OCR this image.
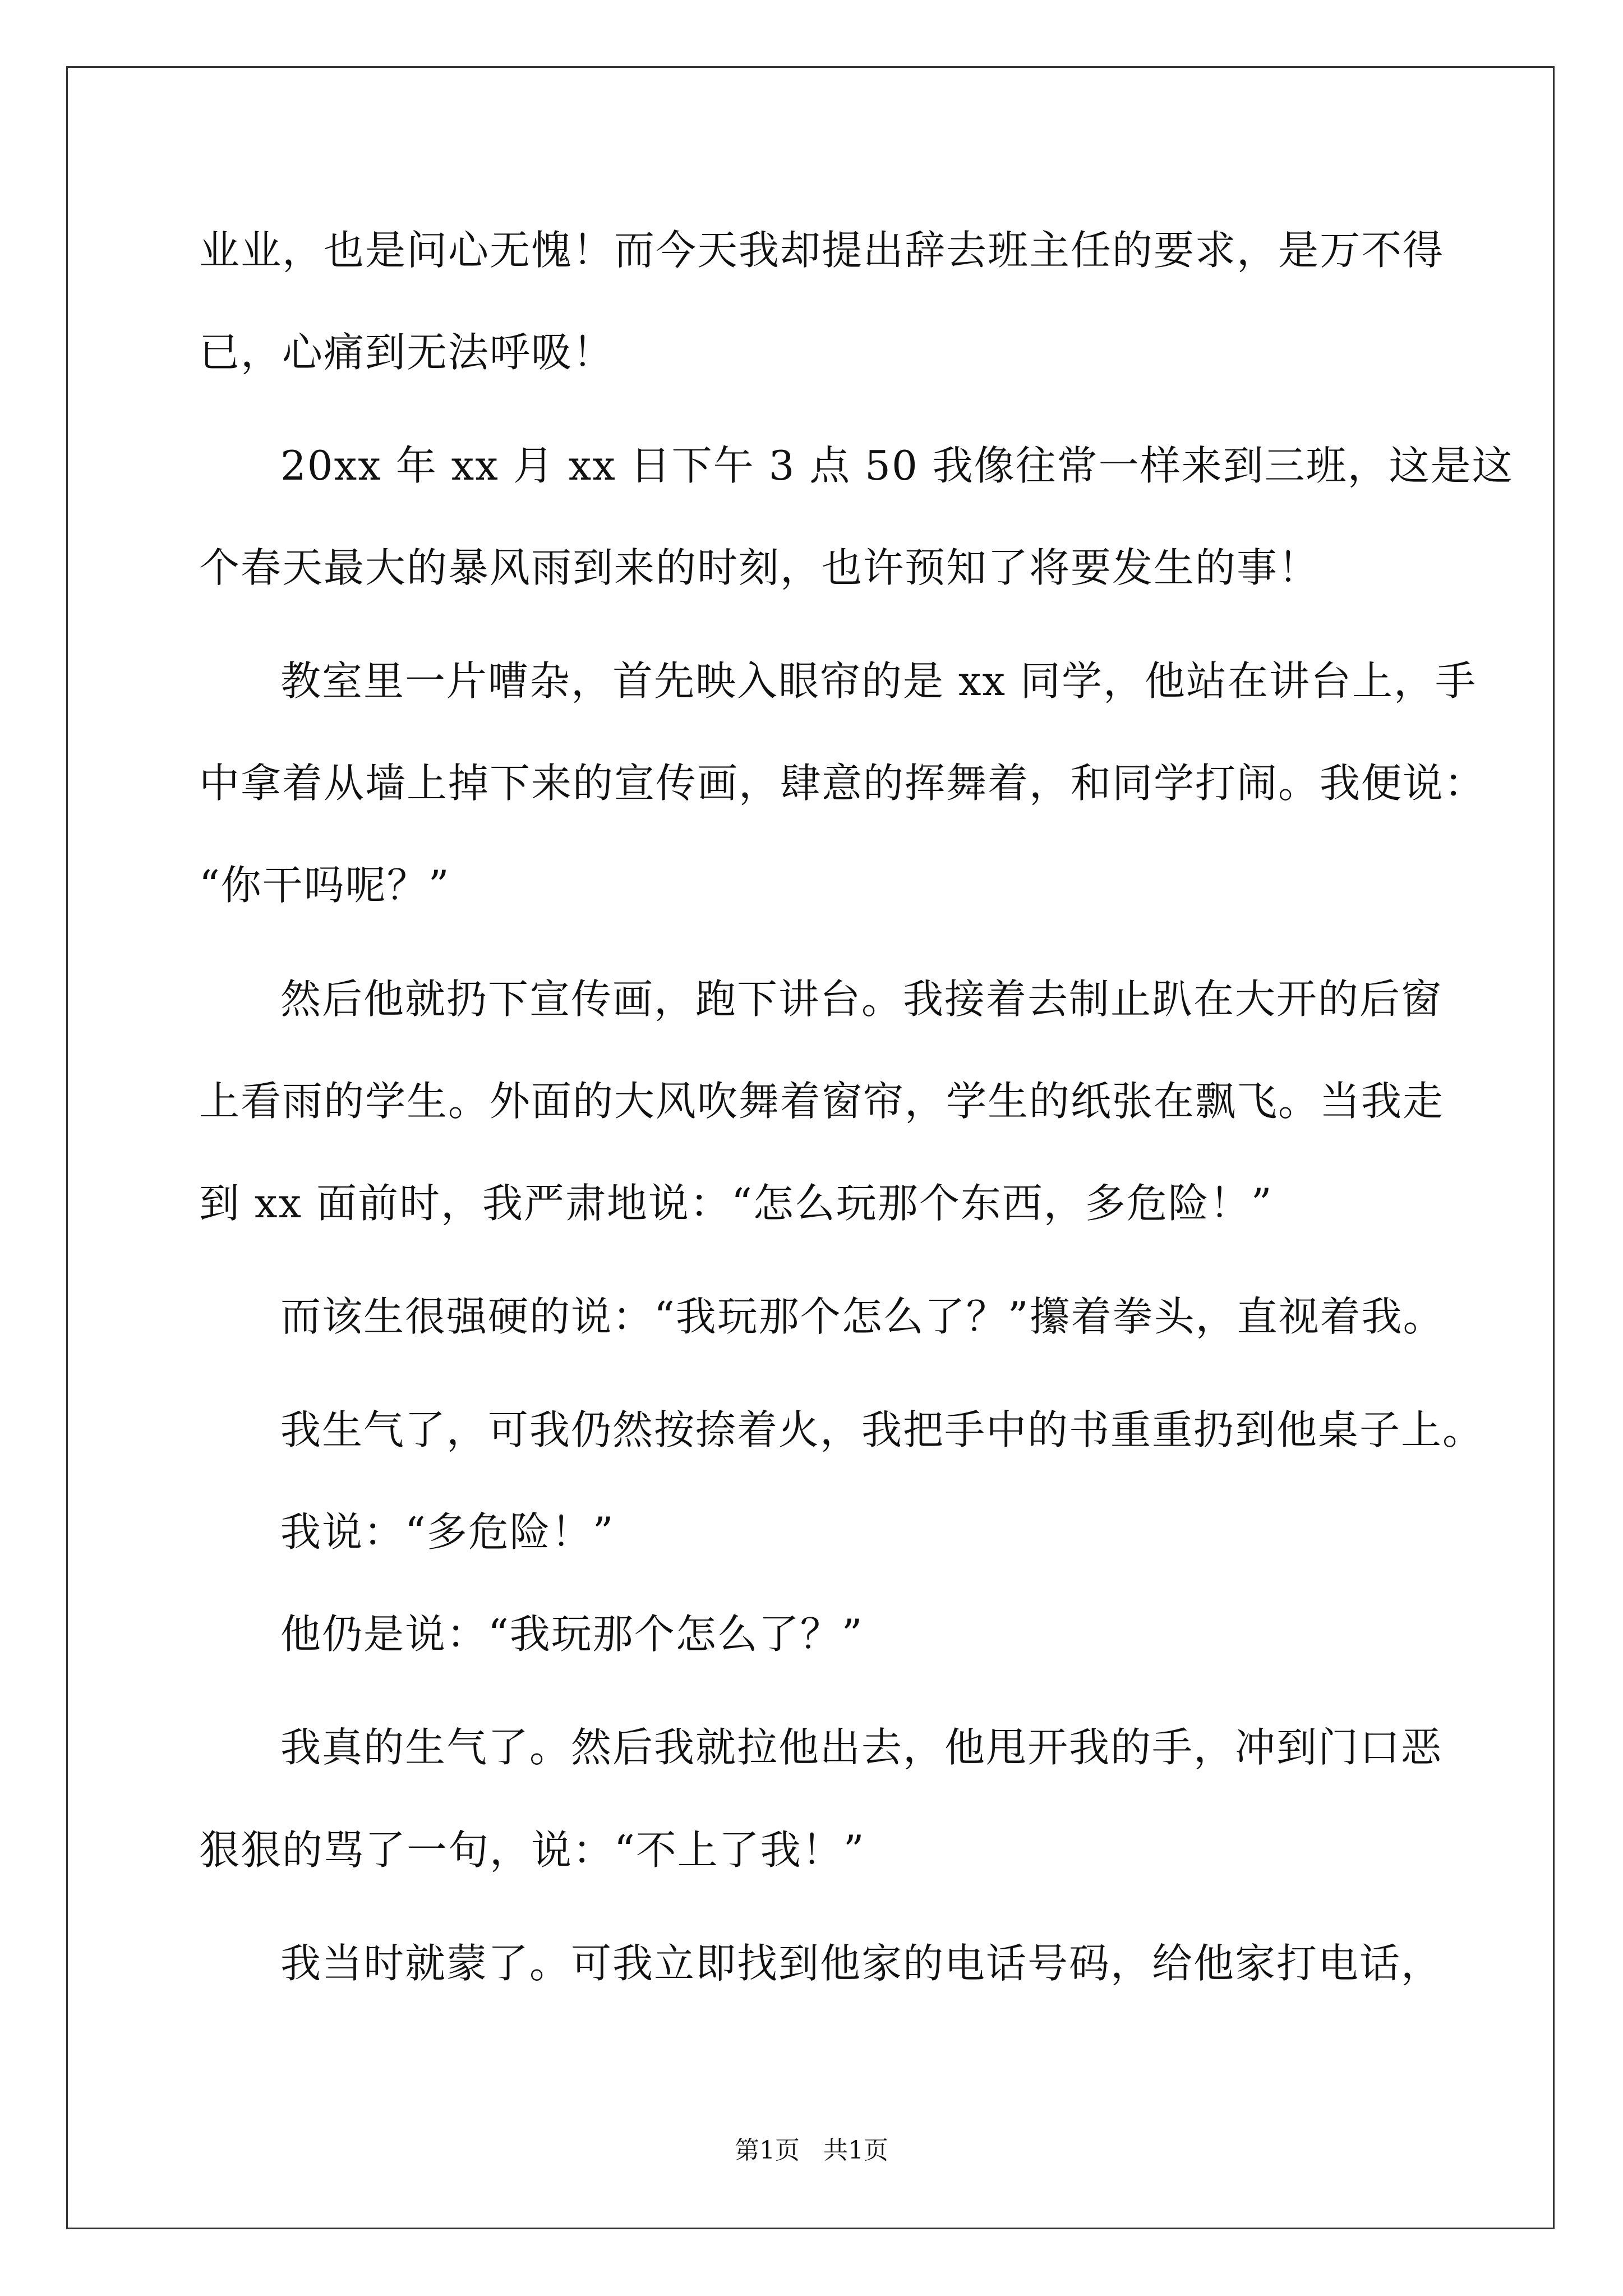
业业，也是问心无愧！而今天我却提出辞去班主任的要求，是万不得
已，心痛到无法呼吸！
20xx 年 xx 月 xx 日下午 3 点 50 我像往常一样来到三班，这是这
个春天最大的暴风雨到来的时刻，也许预知了将要发生的事！
教室里一片嘈杂，首先映入眼帘的是 xx 同学，他站在讲台上，手
中拿着从墙上掉下来的宣传画，肆意的挥舞着，和同学打闹。我便说：
“你干吗呢？”
然后他就扔下宣传画，跑下讲台。我接着去制止趴在大开的后窗
上看雨的学生。外面的大风吹舞着窗帘，学生的纸张在飘飞。当我走
到 xx 面前时，我严肃地说：“怎么玩那个东西，多危险！”
而该生很强硬的说：“我玩那个怎么了？”攥着拳头，直视着我。
我生气了，可我仍然按捺着火，我把手中的书重重扔到他桌子上。
我说：“多危险！”
他仍是说：“我玩那个怎么了？”
我真的生气了。然后我就拉他出去，他甩开我的手，冲到门口恶
狠狠的骂了一句，说：“不上了我！”
我当时就蒙了。可我立即找到他家的电话号码，给他家打电话，
第1页   共1页
